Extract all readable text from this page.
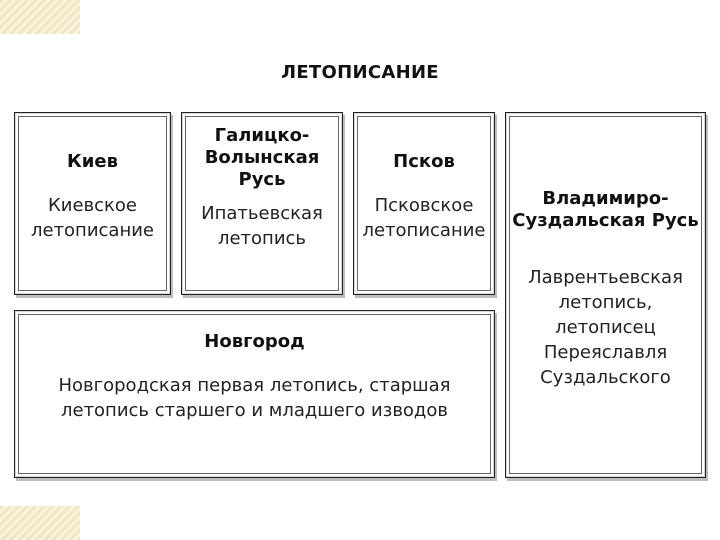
ЛЕТОПИСАНИЕ
Киев
Киевское
летописание
Галицко-
Волынская
Русь
Ипатьевская
летопись
Псков
Псковское
летописание
Владимиро-
Суздальская Русь
Лаврентьевская
летопись,
летописец
Переяславля
Суздальского
Новгород
Новгородская первая летопись, старшая
летопись старшего и младшего изводов
